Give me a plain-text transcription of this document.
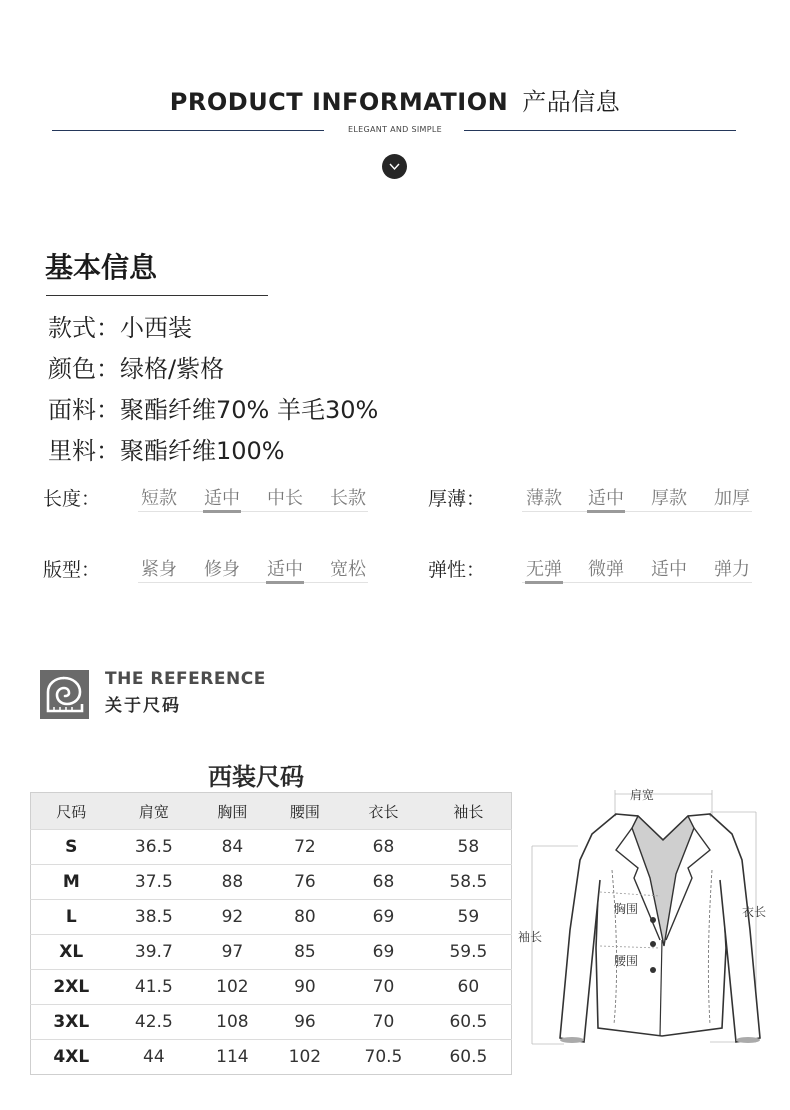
PRODUCT INFORMATION 产品信息
ELEGANT AND SIMPLE
基本信息
款式：小西装
颜色：绿格/紫格
面料：聚酯纤维70% 羊毛30%
里料：聚酯纤维100%
长度：	短款	适中	中长	长款	厚薄：	薄款	适中	厚款	加厚
版型：	紧身	修身	适中	宽松	弹性：	无弹	微弹	适中	弹力
THE REFERENCE
关于尺码
西装尺码
尺码	肩宽	胸围	腰围	衣长	袖长
S	36.5	84	72	68	58
M	37.5	88	76	68	58.5
L	38.5	92	80	69	59
XL	39.7	97	85	69	59.5
2XL	41.5	102	90	70	60
3XL	42.5	108	96	70	60.5
4XL	44	114	102	70.5	60.5
肩宽
胸围
腰围
衣长
袖长
